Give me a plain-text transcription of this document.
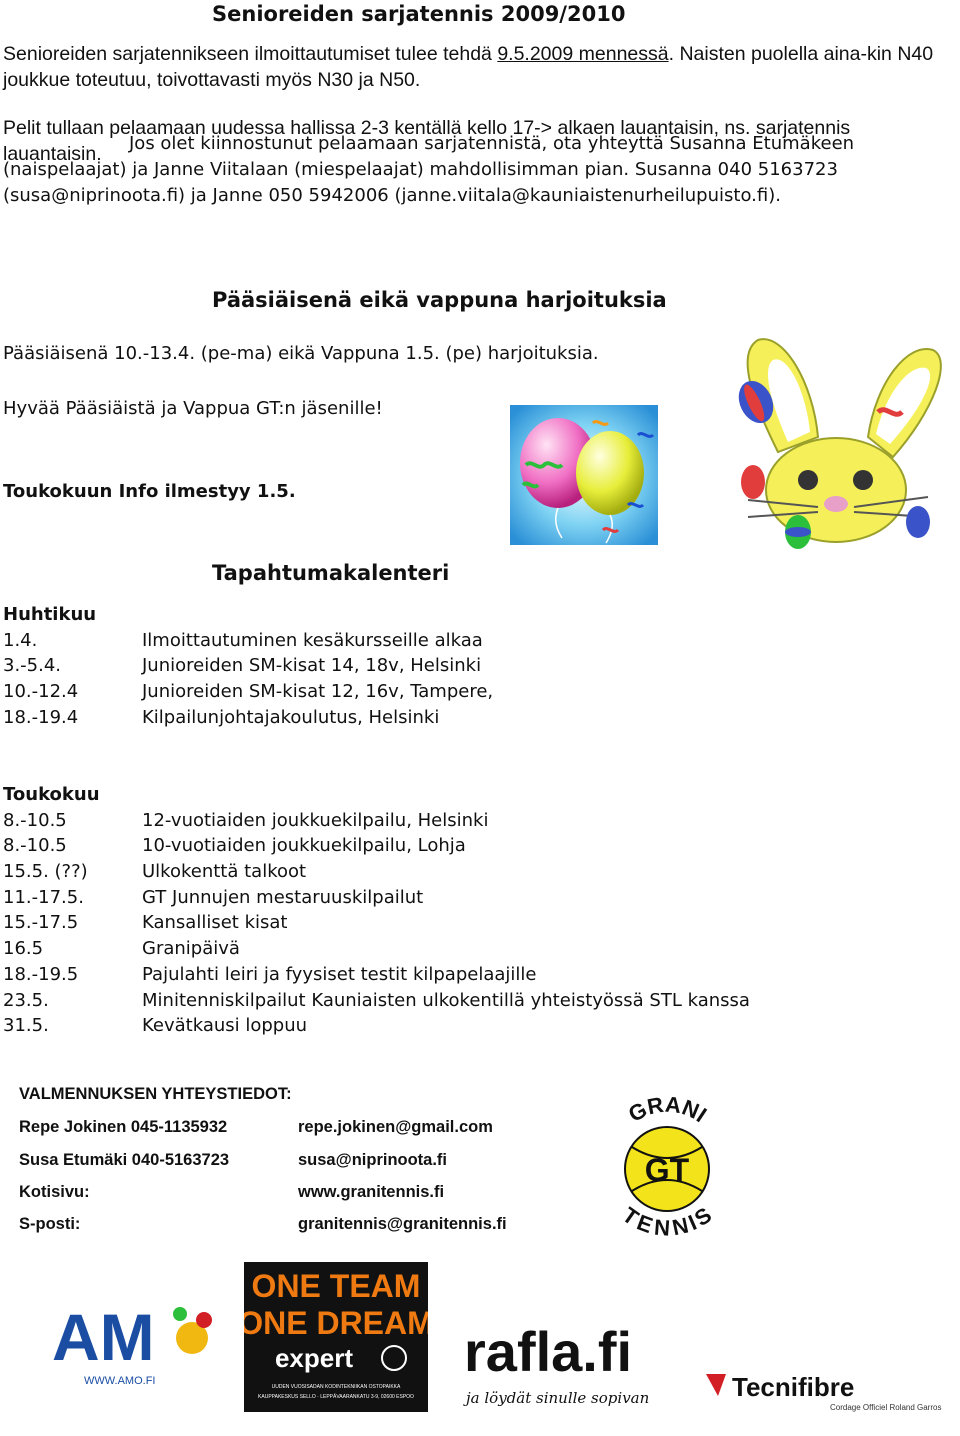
Senioreiden sarjatennis 2009/2010
Senioreiden sarjatennikseen ilmoittautumiset tulee tehdä 9.5.2009 mennessä. Naisten puolella aina-kin N40 joukkue toteutuu, toivottavasti myös N30 ja N50.

Pelit tullaan pelaamaan uudessa hallissa 2-3 kentällä kello 17-> alkaen lauantaisin, ns. sarjatennis lauantaisin.	Jos olet kiinnostunut pelaamaan sarjatennistä, ota yhteyttä Susanna Etumäkeen (naispelaajat) ja Janne Viitalaan (miespelaajat) mahdollisimman pian. Susanna 040 5163723 (susa@niprinoota.fi) ja Janne 050 5942006 (janne.viitala@kauniaistenurheilupuisto.fi).
Pääsiäisenä eikä vappuna harjoituksia
Pääsiäisenä 10.-13.4. (pe-ma) eikä Vappuna 1.5. (pe) harjoituksia.
Hyvää Pääsiäistä ja Vappua GT:n jäsenille!
Toukokuun Info ilmestyy 1.5.
Tapahtumakalenteri
Huhtikuu
1.4.	Ilmoittautuminen kesäkursseille alkaa
3.-5.4.	Junioreiden SM-kisat 14, 18v, Helsinki
10.-12.4	Junioreiden SM-kisat 12, 16v, Tampere,
18.-19.4	Kilpailunjohtajakoulutus, Helsinki
Toukokuu
8.-10.5	12-vuotiaiden joukkuekilpailu, Helsinki
8.-10.5	10-vuotiaiden joukkuekilpailu, Lohja
15.5. (??)	Ulkokenttä talkoot
11.-17.5.	GT Junnujen mestaruuskilpailut
15.-17.5	Kansalliset kisat
16.5	Granipäivä
18.-19.5	Pajulahti leiri ja fyysiset testit kilpapelaajille
23.5.	Minitenniskilpailut Kauniaisten ulkokentillä yhteistyössä STL kanssa
31.5.	Kevätkausi loppuu
VALMENNUKSEN YHTEYSTIEDOT:
Repe Jokinen 045-1135932	repe.jokinen@gmail.com
Susa Etumäki 040-5163723	susa@niprinoota.fi
Kotisivu:	www.granitennis.fi
S-posti:	granitennis@granitennis.fi
GT
GRANI
TENNIS
AM
WWW.AMO.FI
ONE TEAM
ONE DREAM
expert
UUDEN VUOSISADAN KODINTEKNIIKAN OSTOPAIKKA
KAUPPAKESKUS SELLO · LEPPÄVAARANKATU 3-9, 02600 ESPOO
rafla.fi
ja löydät sinulle sopivan	Tecnifibre
Cordage Officiel Roland Garros
